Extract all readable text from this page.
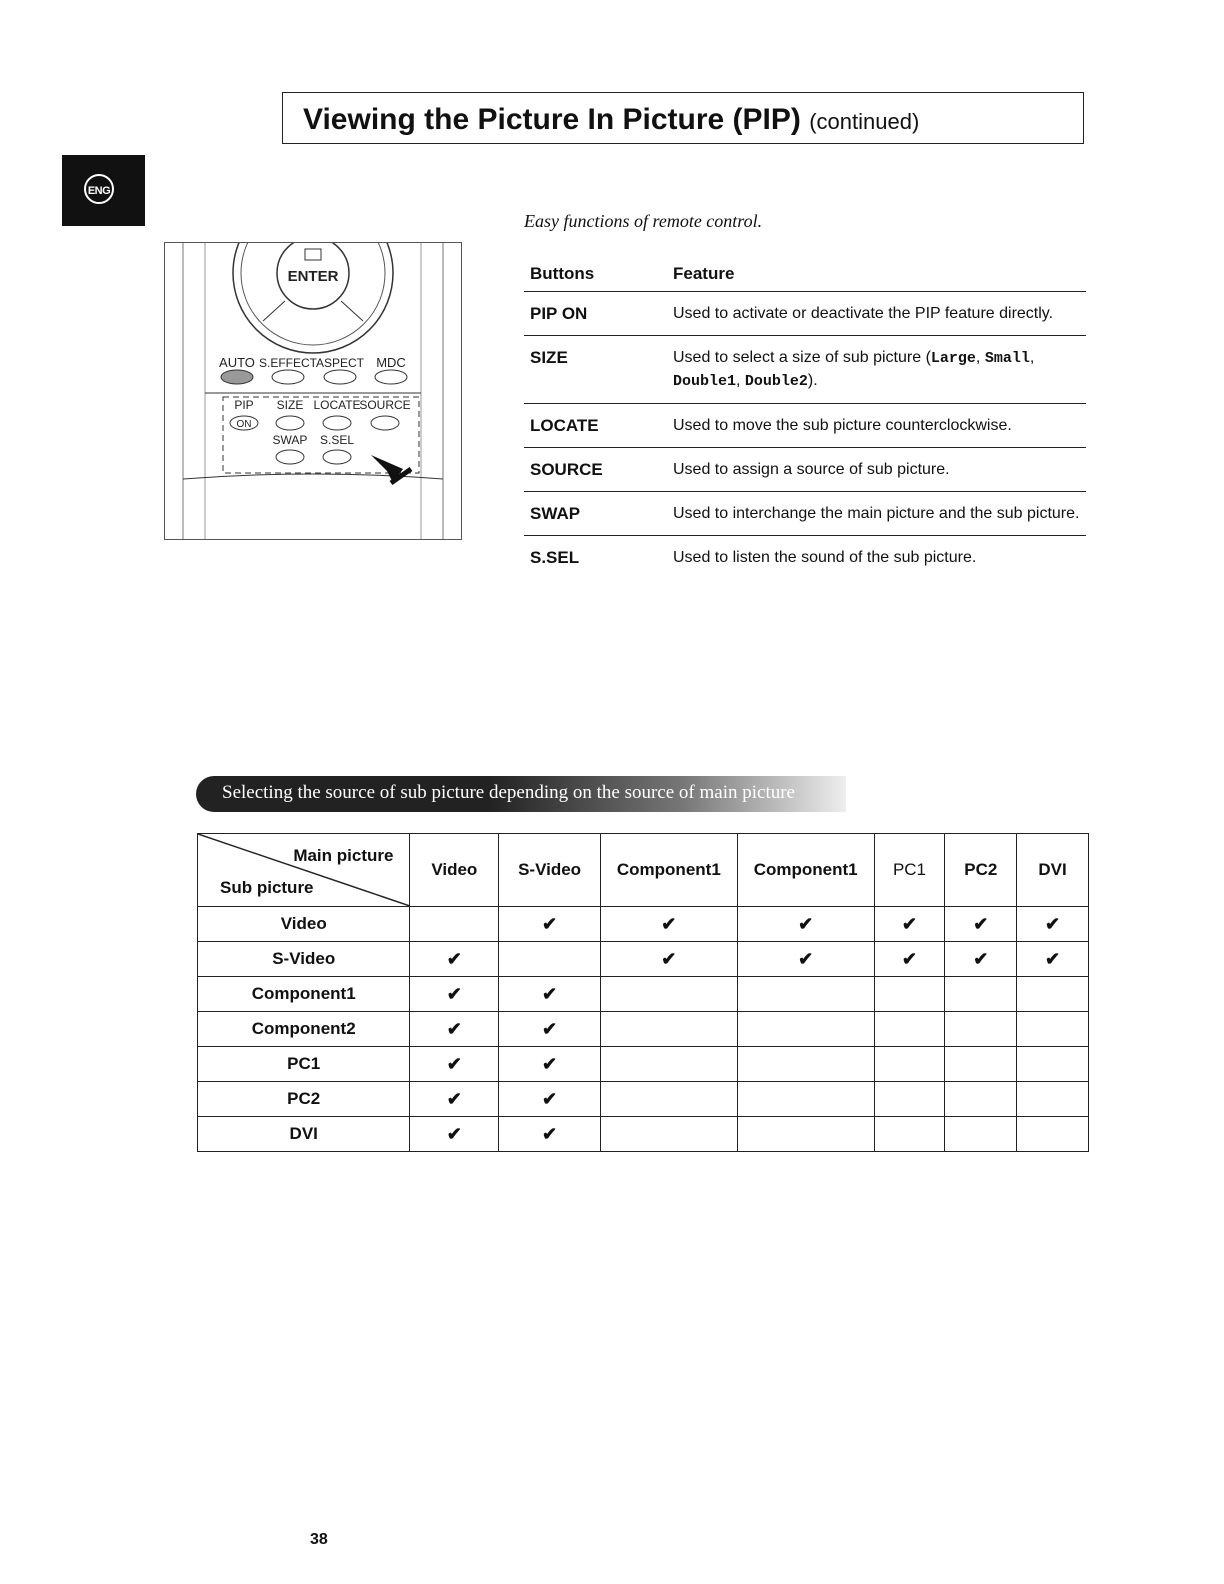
Viewing the Picture In Picture (PIP) (continued)
ENG
ENTER
AUTO S.EFFECT
ASPECT MDC
PIP SIZE LOCATE
SOURCE
ON
SWAP S.SEL
Easy functions of remote control.
Buttons	Feature
PIP ON	Used to activate or deactivate the PIP feature directly.
SIZE	Used to select a size of sub picture (Large, Small,
Double1, Double2).
LOCATE	Used to move the sub picture counterclockwise.
SOURCE	Used to assign a source of sub picture.
SWAP	Used to interchange the main picture and the sub picture.
S.SEL	Used to listen the sound of the sub picture.
Selecting the source of sub picture depending on the source of main picture
Main picture
Sub picture	Video	S-Video	Component1	Component1	PC1	PC2	DVI
Video		✔	✔	✔	✔	✔	✔
S-Video	✔		✔	✔	✔	✔	✔
Component1	✔	✔					
Component2	✔	✔					
PC1	✔	✔					
PC2	✔	✔					
DVI	✔	✔					
38
